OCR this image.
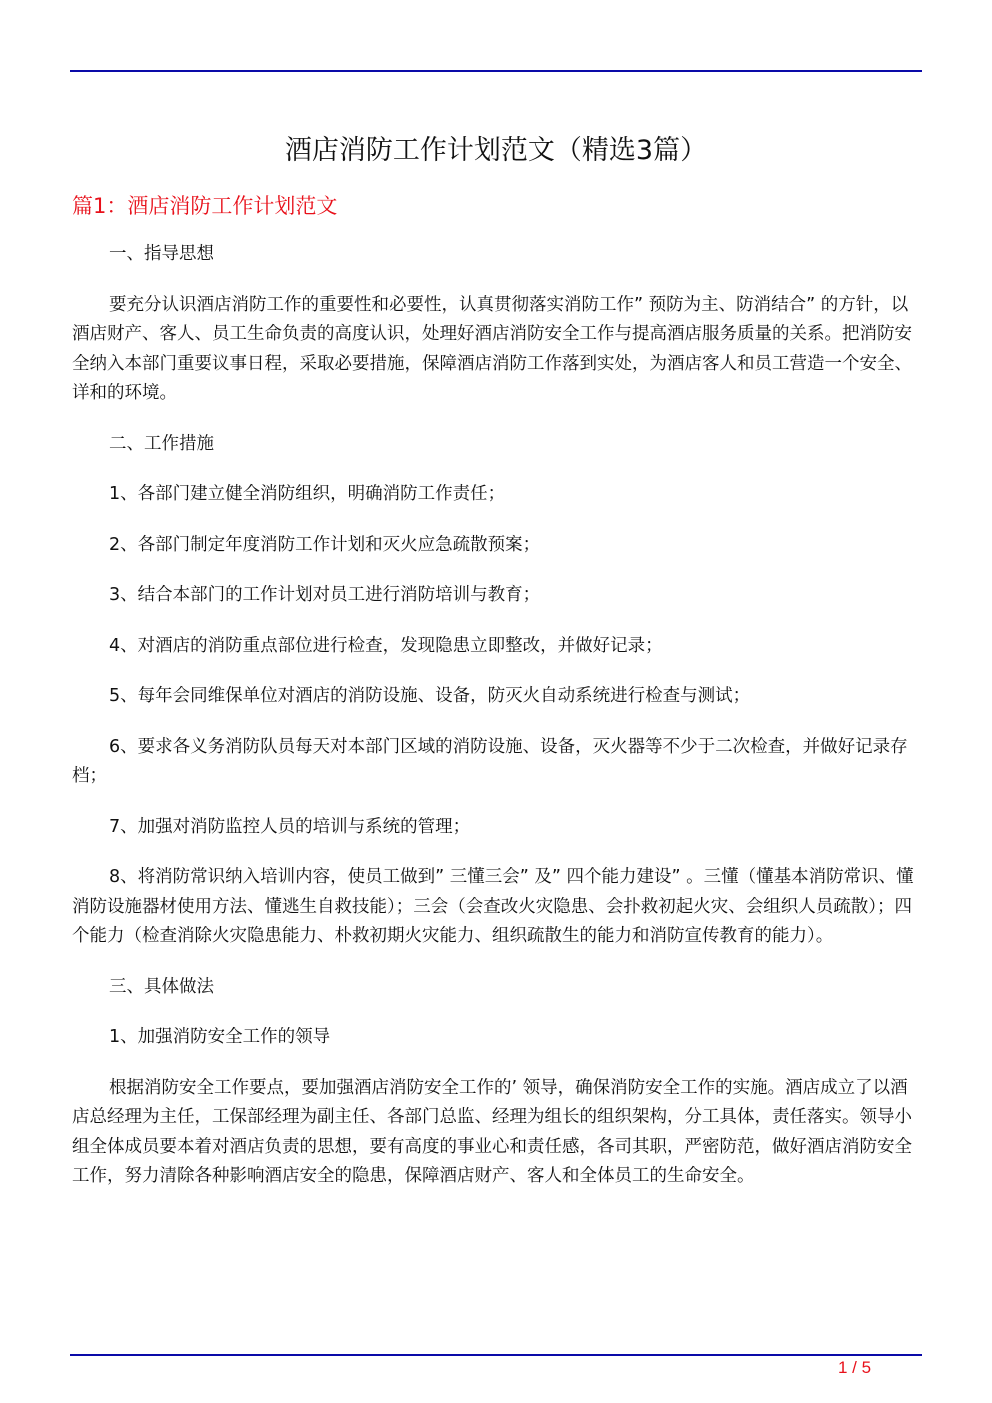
酒店消防工作计划范文（精选3篇）
篇1：酒店消防工作计划范文

一、指导思想

要充分认识酒店消防工作的重要性和必要性，认真贯彻落实消防工作” 预防为主、防消结合” 的方针，以酒店财产、客人、员工生命负责的高度认识，处理好酒店消防安全工作与提高酒店服务质量的关系。把消防安全纳入本部门重要议事日程，采取必要措施，保障酒店消防工作落到实处，为酒店客人和员工营造一个安全、详和的环境。

二、工作措施

1、各部门建立健全消防组织，明确消防工作责任；

2、各部门制定年度消防工作计划和灭火应急疏散预案；

3、结合本部门的工作计划对员工进行消防培训与教育；

4、对酒店的消防重点部位进行检查，发现隐患立即整改，并做好记录；

5、每年会同维保单位对酒店的消防设施、设备，防灭火自动系统进行检查与测试；

6、要求各义务消防队员每天对本部门区域的消防设施、设备，灭火器等不少于二次检查，并做好记录存档；

7、加强对消防监控人员的培训与系统的管理；

8、将消防常识纳入培训内容，使员工做到” 三懂三会” 及” 四个能力建设” 。三懂（懂基本消防常识、懂消防设施器材使用方法、懂逃生自救技能）；三会（会查改火灾隐患、会扑救初起火灾、会组织人员疏散）；四个能力（检查消除火灾隐患能力、朴救初期火灾能力、组织疏散生的能力和消防宣传教育的能力）。

三、具体做法

1、加强消防安全工作的领导

根据消防安全工作要点，要加强酒店消防安全工作的’ 领导，确保消防安全工作的实施。酒店成立了以酒店总经理为主任，工保部经理为副主任、各部门总监、经理为组长的组织架构，分工具体，责任落实。领导小组全体成员要本着对酒店负责的思想，要有高度的事业心和责任感，各司其职，严密防范，做好酒店消防安全工作，努力清除各种影响酒店安全的隐患，保障酒店财产、客人和全体员工的生命安全。

1 / 5
